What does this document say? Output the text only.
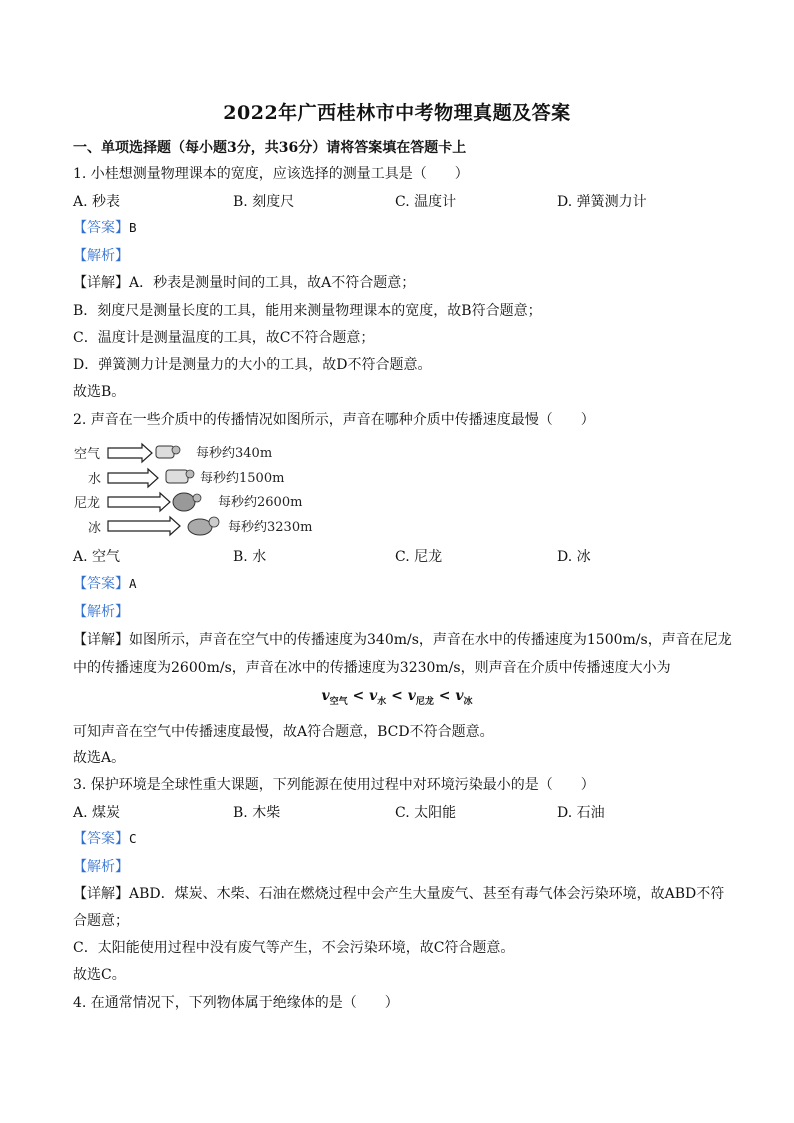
2022年广西桂林市中考物理真题及答案
一、单项选择题（每小题3分，共36分）请将答案填在答题卡上
1. 小桂想测量物理课本的宽度，应该选择的测量工具是（　　）
A. 秒表	B. 刻度尺	C. 温度计	D. 弹簧测力计
【答案】B
【解析】
【详解】A．秒表是测量时间的工具，故A不符合题意；
B．刻度尺是测量长度的工具，能用来测量物理课本的宽度，故B符合题意；
C．温度计是测量温度的工具，故C不符合题意；
D．弹簧测力计是测量力的大小的工具，故D不符合题意。
故选B。
2. 声音在一些介质中的传播情况如图所示，声音在哪种介质中传播速度最慢（　　）
空气	每秒约340m
水	每秒约1500m
尼龙	每秒约2600m
冰	每秒约3230m
A. 空气	B. 水	C. 尼龙	D. 冰
【答案】A
【解析】
【详解】如图所示，声音在空气中的传播速度为340m/s，声音在水中的传播速度为1500m/s，声音在尼龙
中的传播速度为2600m/s，声音在冰中的传播速度为3230m/s，则声音在介质中传播速度大小为
$v_{空气} < v_水 < v_{尼龙} < v_冰$
可知声音在空气中传播速度最慢，故A符合题意，BCD不符合题意。
故选A。
3. 保护环境是全球性重大课题，下列能源在使用过程中对环境污染最小的是（　　）
A. 煤炭	B. 木柴	C. 太阳能	D. 石油
【答案】C
【解析】
【详解】ABD．煤炭、木柴、石油在燃烧过程中会产生大量废气、甚至有毒气体会污染环境，故ABD不符
合题意；
C．太阳能使用过程中没有废气等产生，不会污染环境，故C符合题意。
故选C。
4. 在通常情况下，下列物体属于绝缘体的是（　　）
